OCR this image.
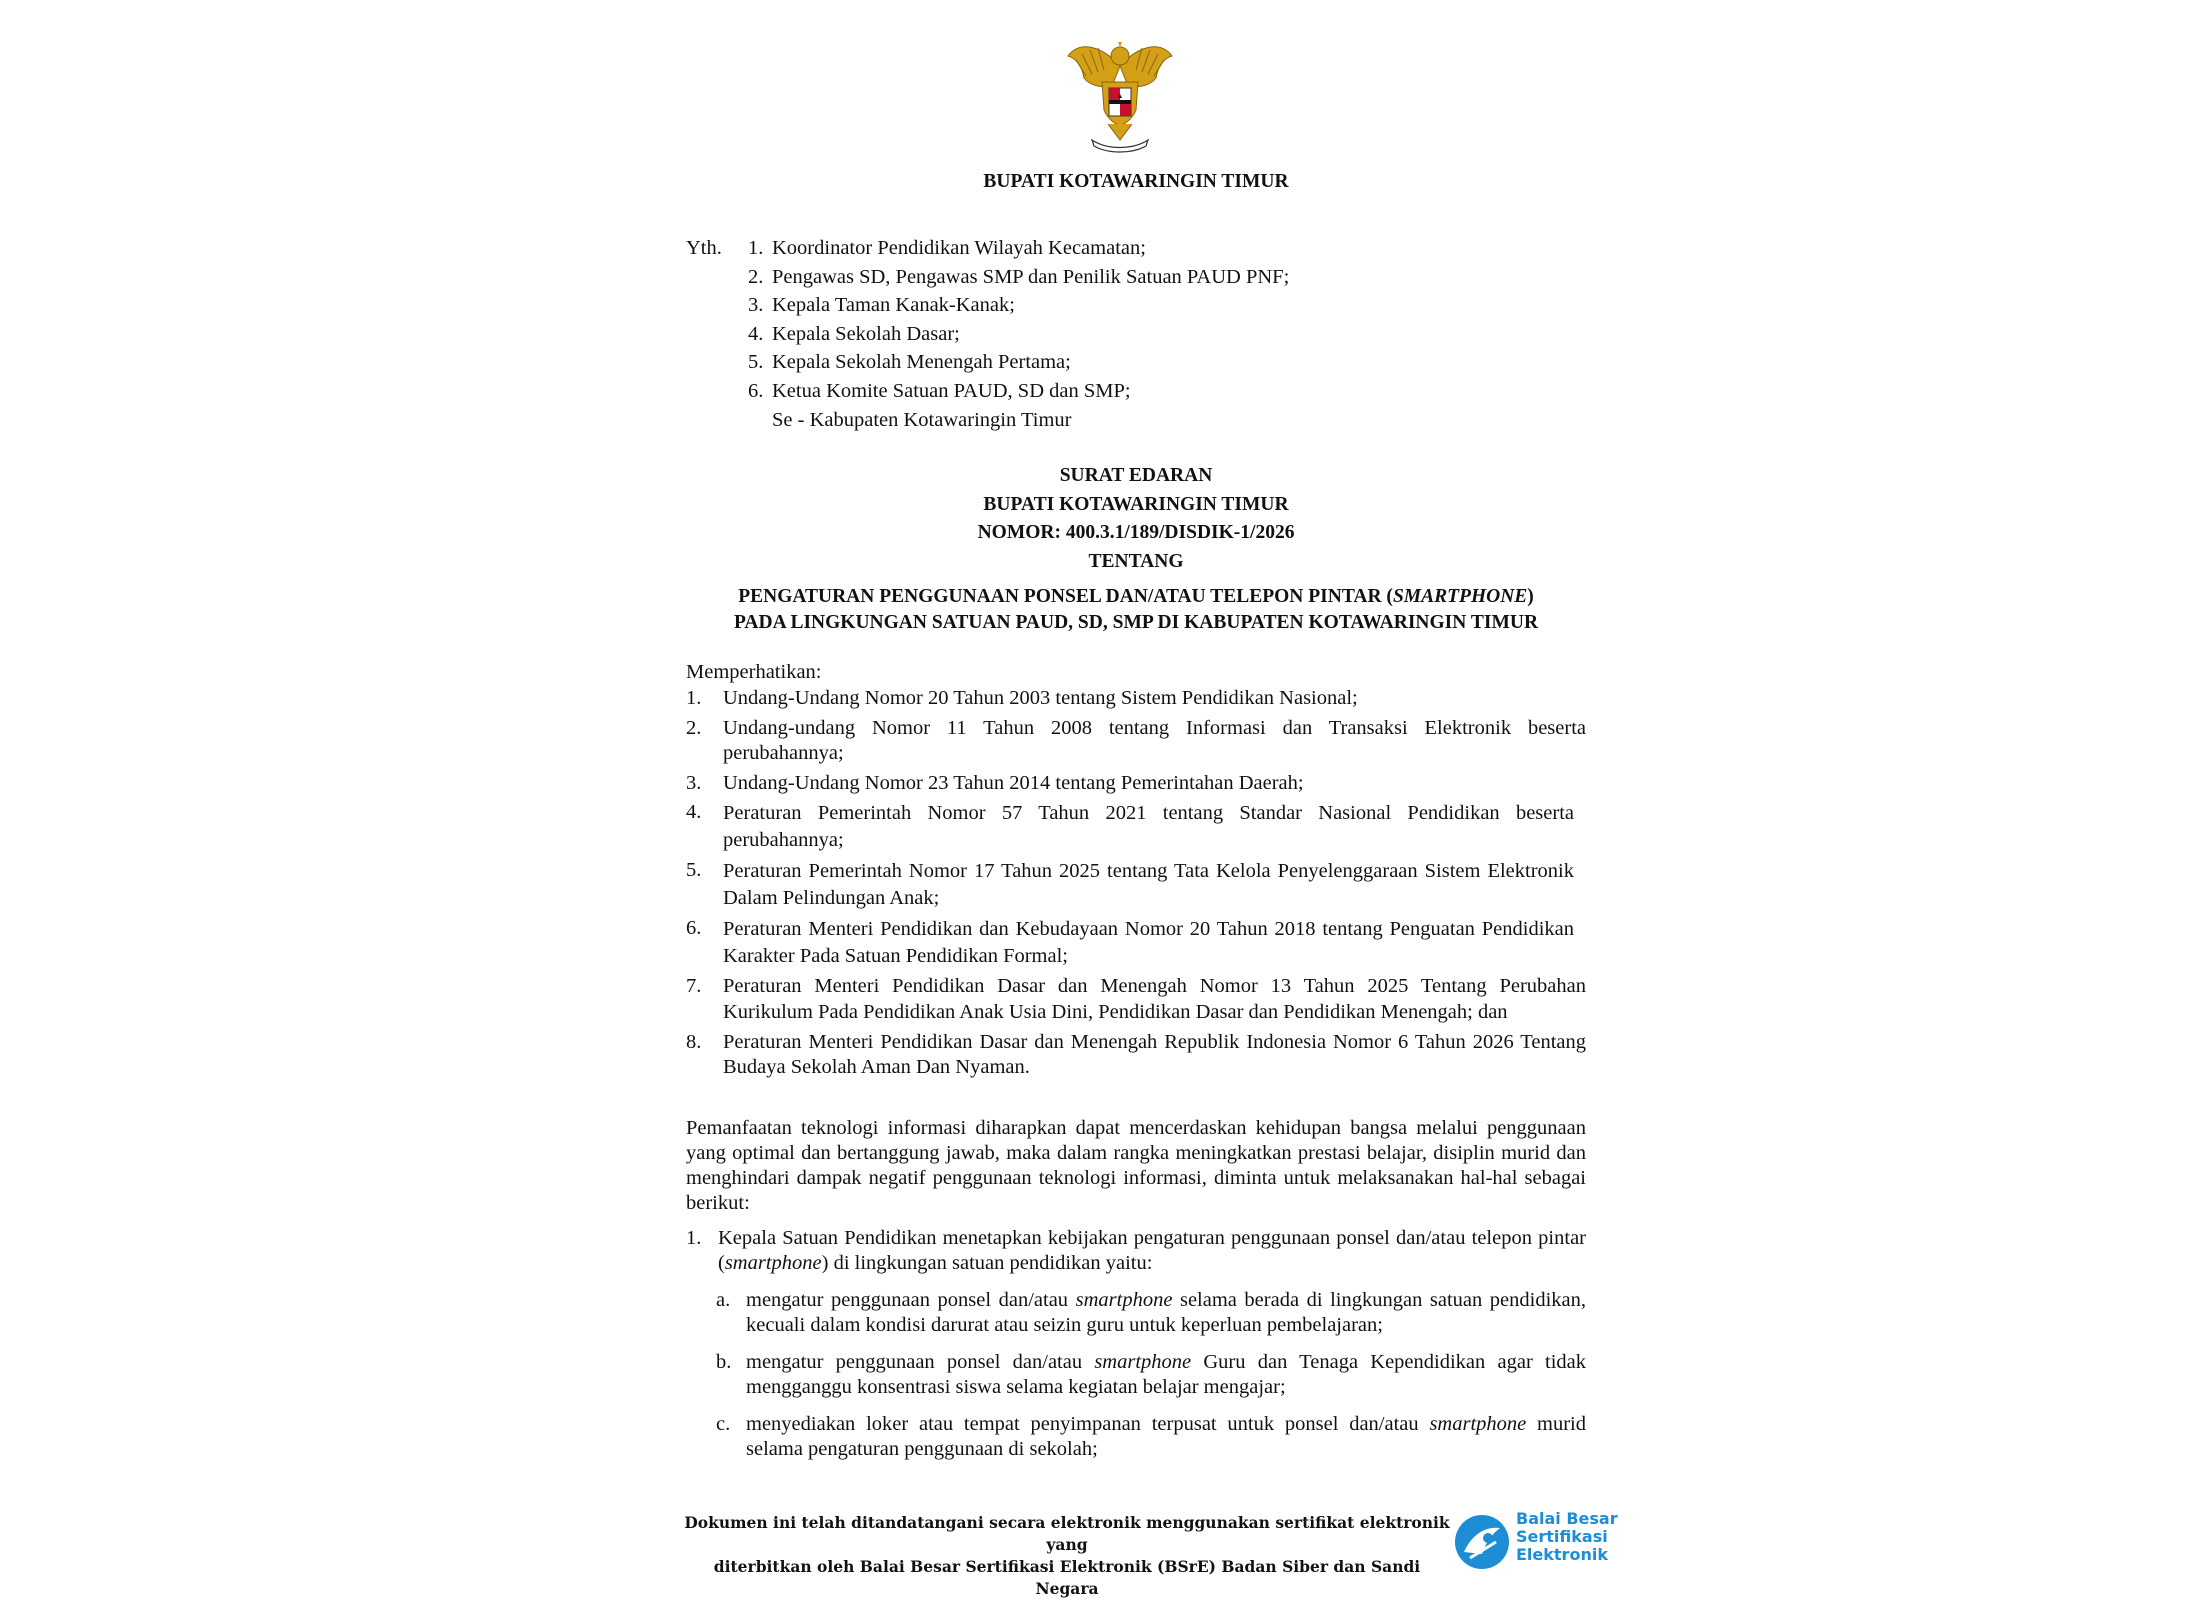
BUPATI KOTAWARINGIN TIMUR
Yth. 1. Koordinator Pendidikan Wilayah Kecamatan;
2. Pengawas SD, Pengawas SMP dan Penilik Satuan PAUD PNF;
3. Kepala Taman Kanak-Kanak;
4. Kepala Sekolah Dasar;
5. Kepala Sekolah Menengah Pertama;
6. Ketua Komite Satuan PAUD, SD dan SMP;
Se - Kabupaten Kotawaringin Timur
SURAT EDARAN
BUPATI KOTAWARINGIN TIMUR
NOMOR: 400.3.1/189/DISDIK-1/2026
TENTANG
PENGATURAN PENGGUNAAN PONSEL DAN/ATAU TELEPON PINTAR (SMARTPHONE)
PADA LINGKUNGAN SATUAN PAUD, SD, SMP DI KABUPATEN KOTAWARINGIN TIMUR
Memperhatikan:
1.	Undang-Undang Nomor 20 Tahun 2003 tentang Sistem Pendidikan Nasional;
2.	Undang-undang Nomor 11 Tahun 2008 tentang Informasi dan Transaksi Elektronik beserta perubahannya;
3.	Undang-Undang Nomor 23 Tahun 2014 tentang Pemerintahan Daerah;
4.	Peraturan Pemerintah Nomor 57 Tahun 2021 tentang Standar Nasional Pendidikan beserta perubahannya;
5.	Peraturan Pemerintah Nomor 17 Tahun 2025 tentang Tata Kelola Penyelenggaraan Sistem Elektronik Dalam Pelindungan Anak;
6.	Peraturan Menteri Pendidikan dan Kebudayaan Nomor 20 Tahun 2018 tentang Penguatan Pendidikan Karakter Pada Satuan Pendidikan Formal;
7.	Peraturan Menteri Pendidikan Dasar dan Menengah Nomor 13 Tahun 2025 Tentang Perubahan Kurikulum Pada Pendidikan Anak Usia Dini, Pendidikan Dasar dan Pendidikan Menengah; dan
8.	Peraturan Menteri Pendidikan Dasar dan Menengah Republik Indonesia Nomor 6 Tahun 2026 Tentang Budaya Sekolah Aman Dan Nyaman.
Pemanfaatan teknologi informasi diharapkan dapat mencerdaskan kehidupan bangsa melalui penggunaan yang optimal dan bertanggung jawab, maka dalam rangka meningkatkan prestasi belajar, disiplin murid dan menghindari dampak negatif penggunaan teknologi informasi, diminta untuk melaksanakan hal-hal sebagai berikut:
1. Kepala Satuan Pendidikan menetapkan kebijakan pengaturan penggunaan ponsel dan/atau telepon pintar (smartphone) di lingkungan satuan pendidikan yaitu:
a. mengatur penggunaan ponsel dan/atau smartphone selama berada di lingkungan satuan pendidikan, kecuali dalam kondisi darurat atau seizin guru untuk keperluan pembelajaran;
b. mengatur penggunaan ponsel dan/atau smartphone Guru dan Tenaga Kependidikan agar tidak mengganggu konsentrasi siswa selama kegiatan belajar mengajar;
c. menyediakan loker atau tempat penyimpanan terpusat untuk ponsel dan/atau smartphone murid selama pengaturan penggunaan di sekolah;
Dokumen ini telah ditandatangani secara elektronik menggunakan sertifikat elektronik yang
diterbitkan oleh Balai Besar Sertifikasi Elektronik (BSrE) Badan Siber dan Sandi Negara
Balai Besar
Sertifikasi
Elektronik
